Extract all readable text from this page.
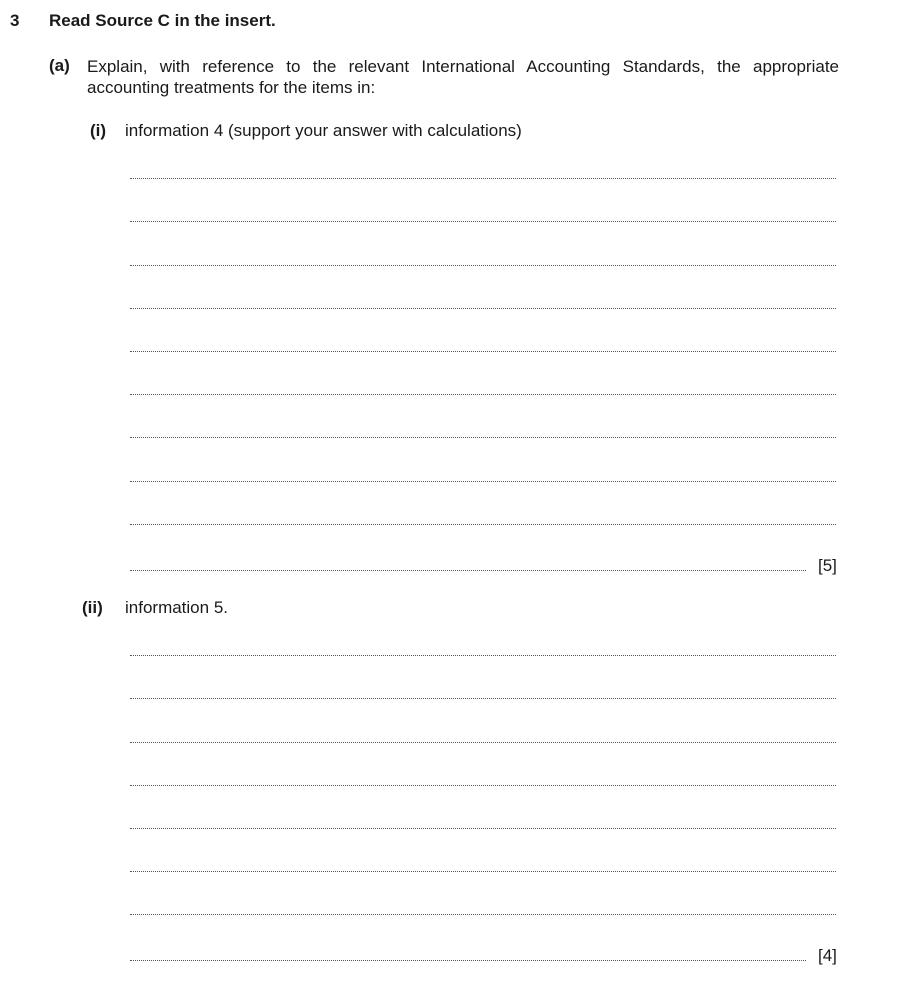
3 Read Source C in the insert.
(a) Explain, with reference to the relevant International Accounting Standards, the appropriate accounting treatments for the items in:
(i) information 4 (support your answer with calculations)
[5]
(ii) information 5.
[4]
